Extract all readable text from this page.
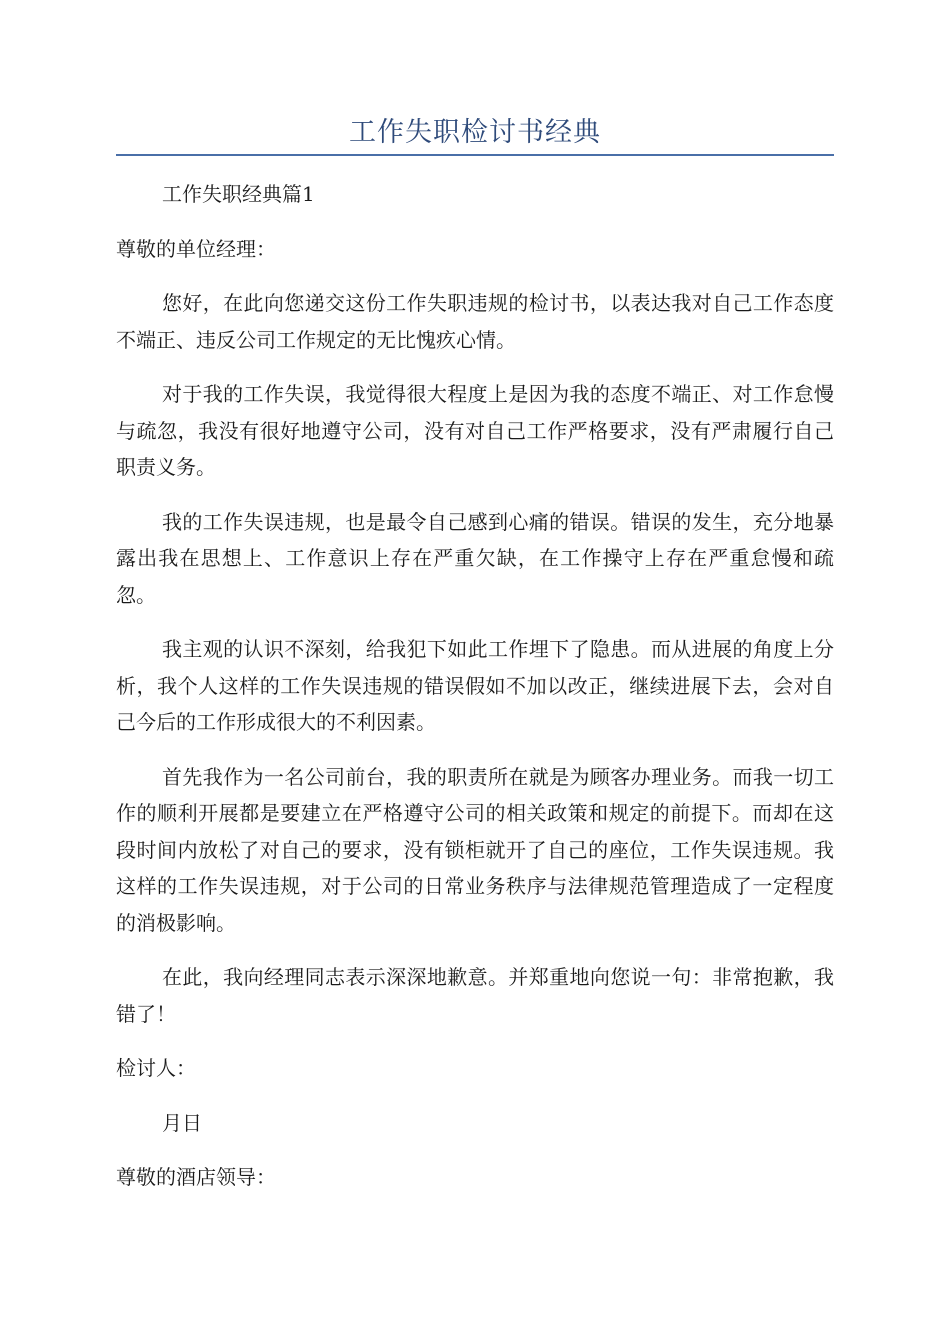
工作失职检讨书经典

工作失职经典篇1

尊敬的单位经理：

您好，在此向您递交这份工作失职违规的检讨书，以表达我对自己工作态度不端正、违反公司工作规定的无比愧疚心情。

对于我的工作失误，我觉得很大程度上是因为我的态度不端正、对工作怠慢与疏忽，我没有很好地遵守公司，没有对自己工作严格要求，没有严肃履行自己职责义务。

我的工作失误违规，也是最令自己感到心痛的错误。错误的发生，充分地暴露出我在思想上、工作意识上存在严重欠缺，在工作操守上存在严重怠慢和疏忽。

我主观的认识不深刻，给我犯下如此工作埋下了隐患。而从进展的角度上分析，我个人这样的工作失误违规的错误假如不加以改正，继续进展下去，会对自己今后的工作形成很大的不利因素。

首先我作为一名公司前台，我的职责所在就是为顾客办理业务。而我一切工作的顺利开展都是要建立在严格遵守公司的相关政策和规定的前提下。而却在这段时间内放松了对自己的要求，没有锁柜就开了自己的座位，工作失误违规。我这样的工作失误违规，对于公司的日常业务秩序与法律规范管理造成了一定程度的消极影响。

在此，我向经理同志表示深深地歉意。并郑重地向您说一句：非常抱歉，我错了！

检讨人：

月日

尊敬的酒店领导：
